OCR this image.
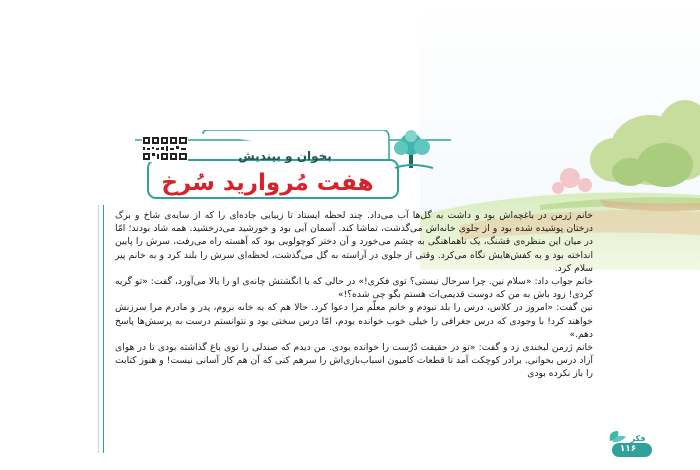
بخوان و بیندیش
هفت مُروارید سُرخ

خانم ژرمن در باغچه‌اش بود و داشت به گل‌ها آب می‌داد. چند لحظه ایستاد تا زیبایی جاده‌ای را که از سایه‌ی شاخ و برگ درختان پوشیده شده بود و از جلوی خانه‌اش می‌گذشت، تماشا کند. آسمان آبی بود و خورشید می‌درخشید. همه شاد بودند؛ امّا در میان این منظره‌ی قشنگ، یک ناهماهنگی به چشم می‌خورد و آن دختر کوچولویی بود که آهسته راه می‌رفت، سرش را پایین انداخته بود و به کفش‌هایش نگاه می‌کرد. وقتی از جلوی در آراسته به گل می‌گذشت، لحظه‌ای سرش را بلند کرد و به خانم پیر سلام کرد.

خانم جواب داد: «سلام نین. چرا سرحال نیستی؟ توی فکری!» در حالی که با انگشتش چانه‌ی او را بالا می‌آورد، گفت: «تو گریه کردی! زود باش به من که دوست قدیمی‌ات هستم بگو چی شده؟!»

نین گفت: «امروز در کلاس، درس را بلد نبودم و خانم معلّم مرا دعوا کرد. حالا هم که به خانه بروم، پدر و مادرم مرا سرزنش خواهند کرد! با وجودی که درس جغرافی را خیلی خوب خوانده بودم، امّا درس سختی بود و نتوانستم درست به پرسش‌ها پاسخ دهم.»

خانم ژرمن لبخندی زد و گفت: «تو در حقیقت دُرُست را خوانده بودی. من دیدم که صندلی را توی باغ گذاشته بودی تا در هوای آزاد درس بخوانی. برادر کوچکت آمد تا قطعات کامیون اسباب‌بازی‌اش را سرهم کنی که آن هم کار آسانی نیست! و هنوز کتابت را باز نکرده بودی

فکر
۱۱۶
